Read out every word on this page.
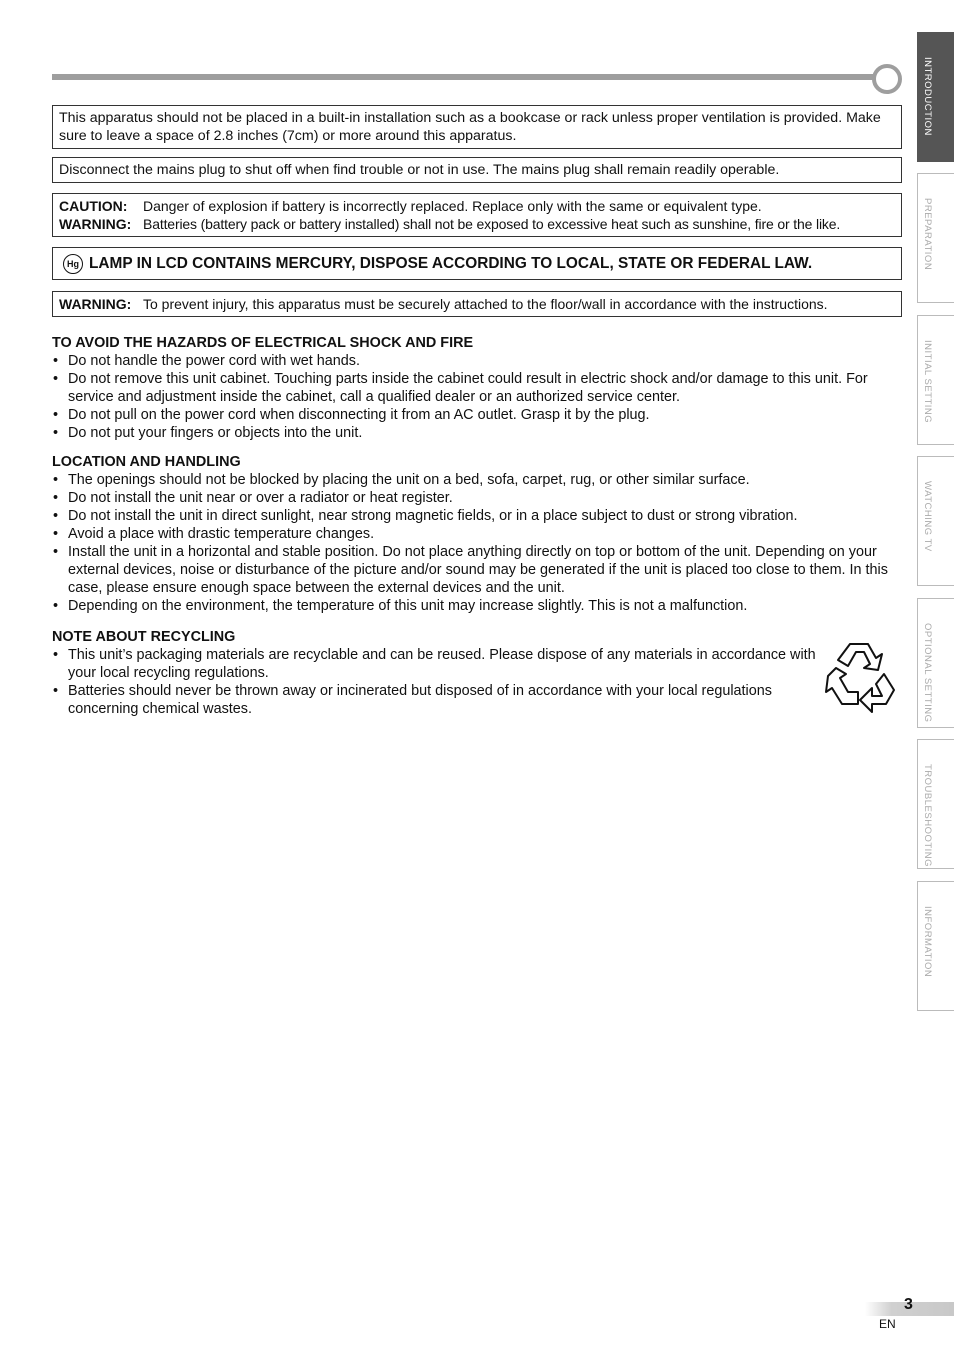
This apparatus should not be placed in a built-in installation such as a bookcase or rack unless proper ventilation is provided. Make sure to leave a space of 2.8 inches (7cm) or more around this apparatus.

Disconnect the mains plug to shut off when find trouble or not in use. The mains plug shall remain readily operable.

CAUTION:	Danger of explosion if battery is incorrectly replaced. Replace only with the same or equivalent type.
WARNING: Batteries (battery pack or battery installed) shall not be exposed to excessive heat such as sunshine, fire or the like.
Hg LAMP IN LCD CONTAINS MERCURY, DISPOSE ACCORDING TO LOCAL, STATE OR FEDERAL LAW.
WARNING: To prevent injury, this apparatus must be securely attached to the floor/wall in accordance with the instructions.
TO AVOID THE HAZARDS OF ELECTRICAL SHOCK AND FIRE
• Do not handle the power cord with wet hands.
• Do not remove this unit cabinet. Touching parts inside the cabinet could result in electric shock and/or damage to this unit. For service and adjustment inside the cabinet, call a qualified dealer or an authorized service center.
• Do not pull on the power cord when disconnecting it from an AC outlet. Grasp it by the plug.
• Do not put your fingers or objects into the unit.
LOCATION AND HANDLING
• The openings should not be blocked by placing the unit on a bed, sofa, carpet, rug, or other similar surface.
• Do not install the unit near or over a radiator or heat register.
• Do not install the unit in direct sunlight, near strong magnetic fields, or in a place subject to dust or strong vibration.
• Avoid a place with drastic temperature changes.
• Install the unit in a horizontal and stable position. Do not place anything directly on top or bottom of the unit. Depending on your external devices, noise or disturbance of the picture and/or sound may be generated if the unit is placed too close to them. In this case, please ensure enough space between the external devices and the unit.
• Depending on the environment, the temperature of this unit may increase slightly. This is not a malfunction.
NOTE ABOUT RECYCLING
• This unit’s packaging materials are recyclable and can be reused. Please dispose of any materials in accordance with your local recycling regulations.
• Batteries should never be thrown away or incinerated but disposed of in accordance with your local regulations concerning chemical wastes.
INTRODUCTION
PREPARATION
INITIAL SETTING
WATCHING TV
OPTIONAL SETTING
TROUBLESHOOTING
INFORMATION
3
EN
